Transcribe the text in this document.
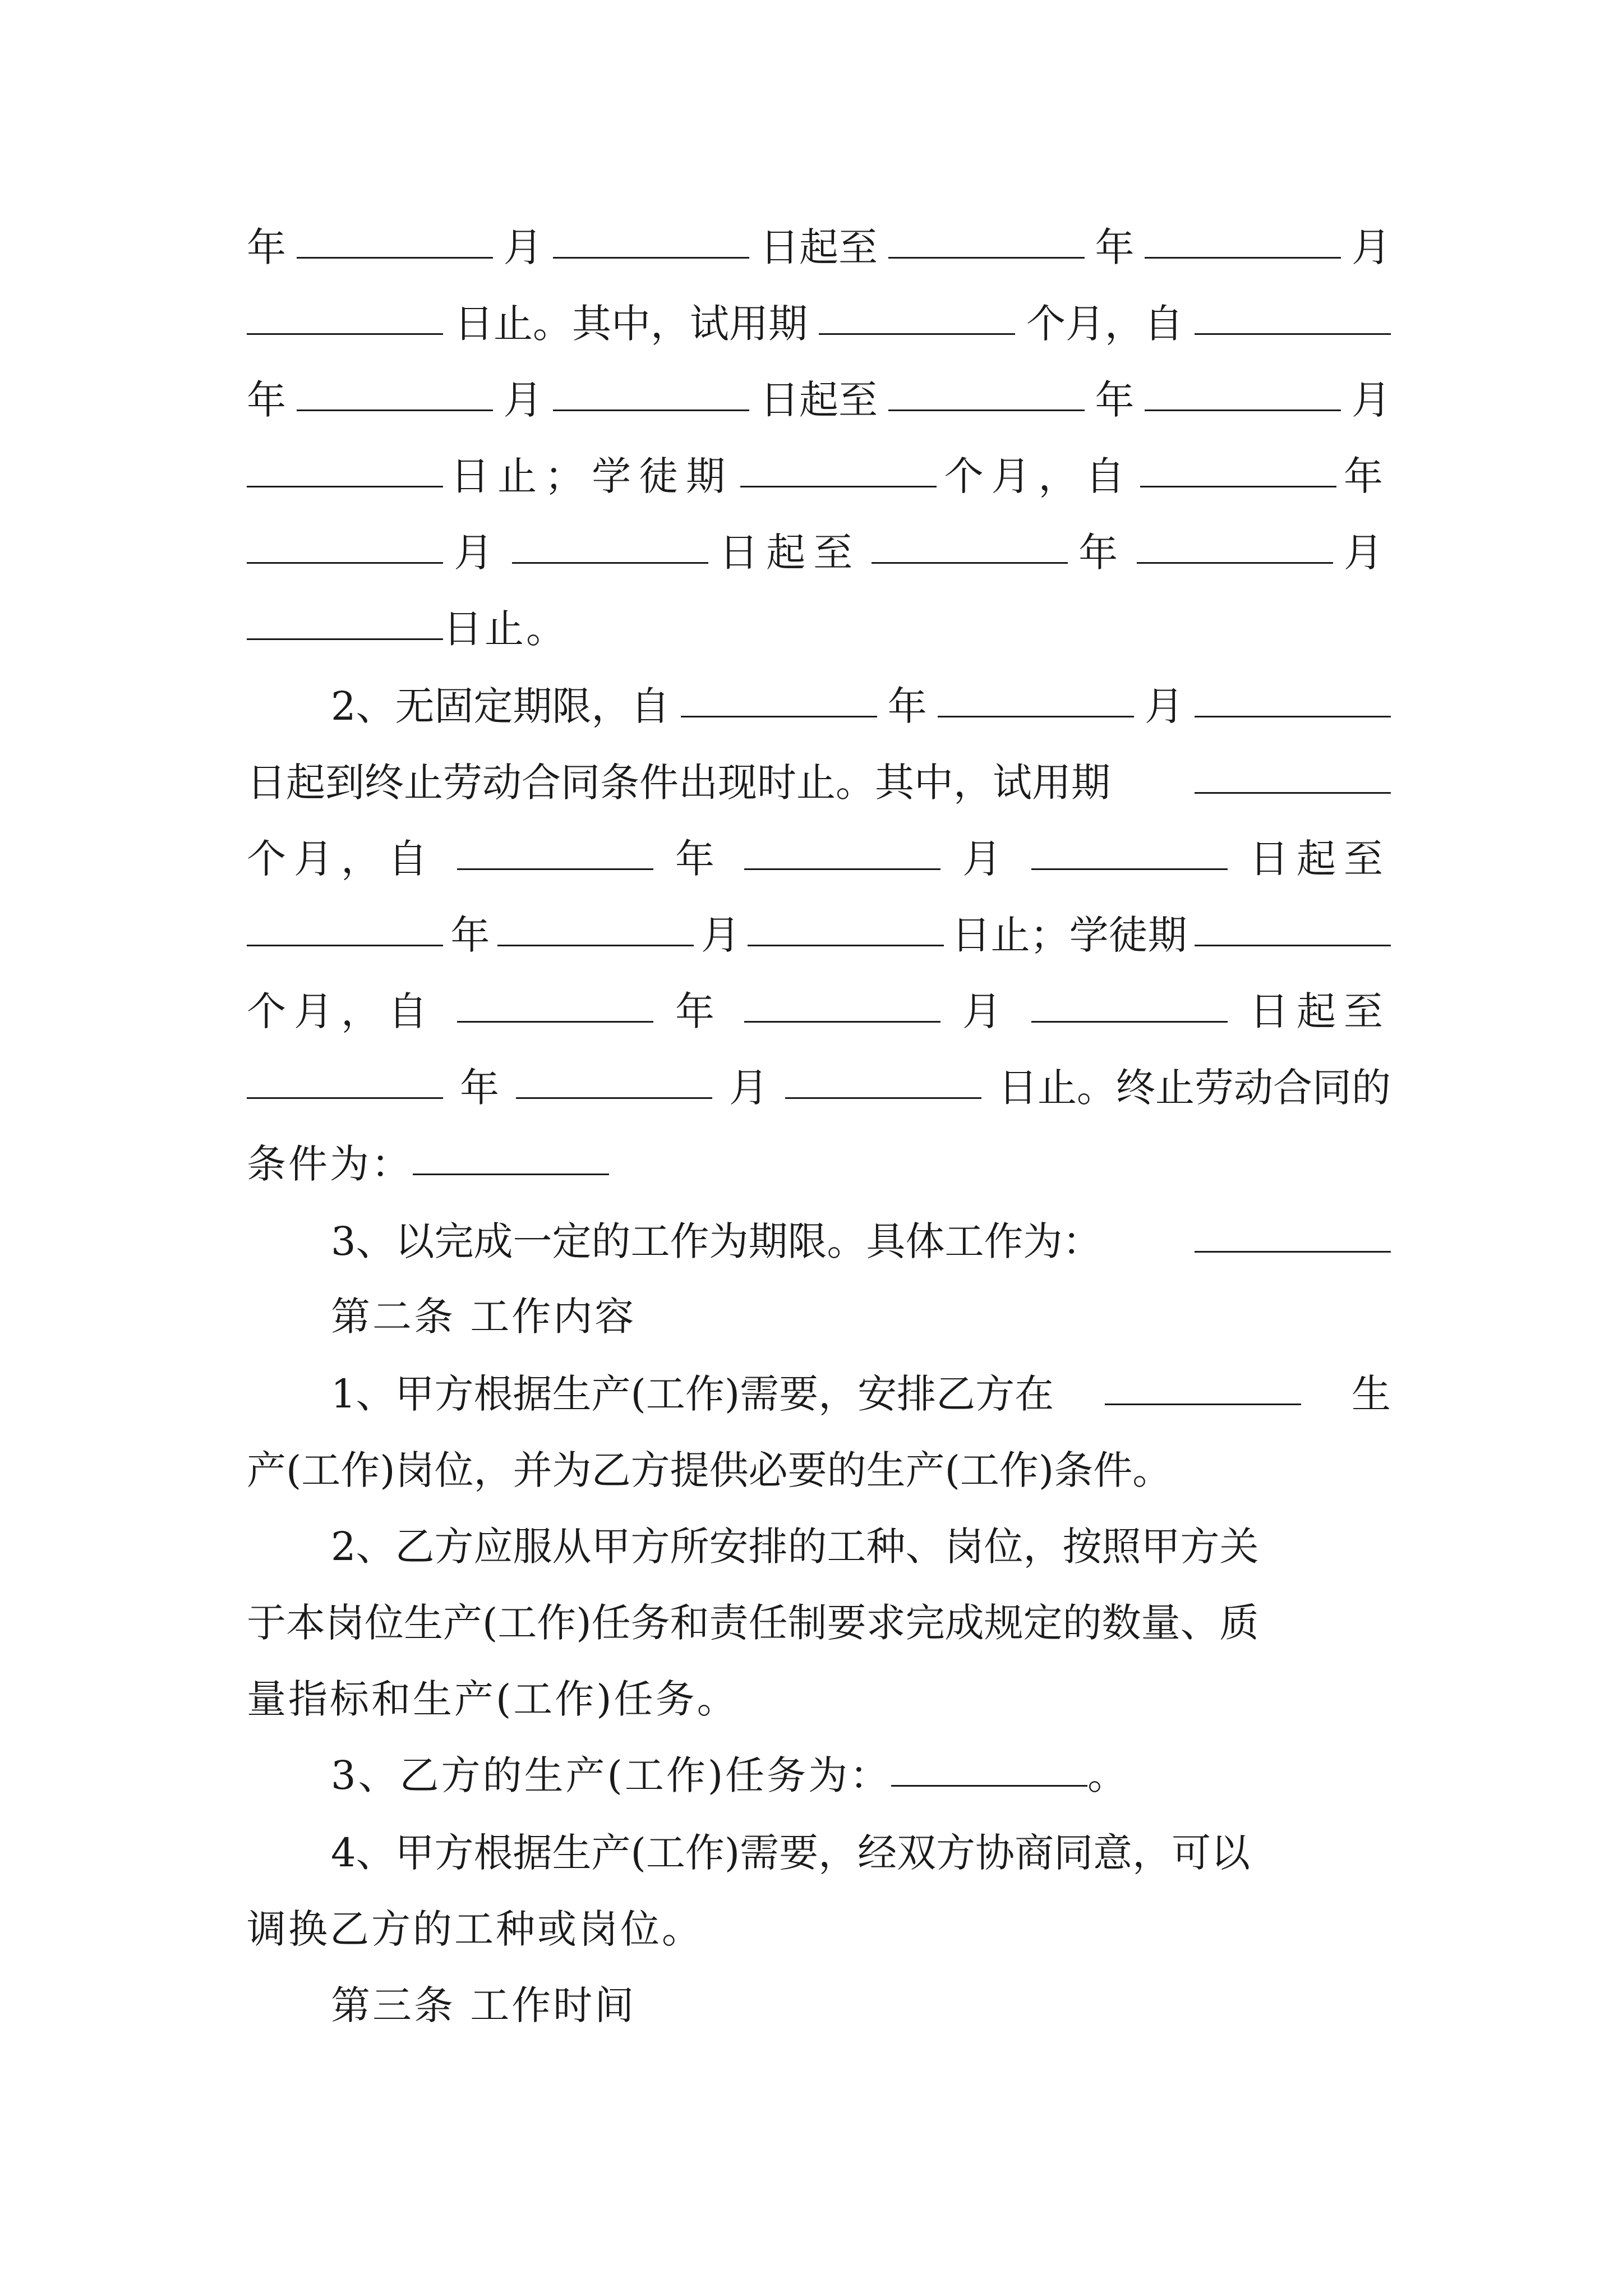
年	月	日起至	年	月
日止。其中，试用期	个月，自
年	月	日起至	年	月
日止；学徒期	个月，自	年
月	日起至	年	月
日止。
2、无固定期限，自	年	月
日起到终止劳动合同条件出现时止。其中，试用期
个月，自	年	月	日起至
年	月	日止；学徒期
个月，自	年	月	日起至
年	月	日止。终止劳动合同的
条件为：
3、以完成一定的工作为期限。具体工作为：
第二条 工作内容
1、甲方根据生产(工作)需要，安排乙方在	生
产(工作)岗位，并为乙方提供必要的生产(工作)条件。
2、乙方应服从甲方所安排的工种、岗位，按照甲方关
于本岗位生产(工作)任务和责任制要求完成规定的数量、质
量指标和生产(工作)任务。
3、乙方的生产(工作)任务为：	。
4、甲方根据生产(工作)需要，经双方协商同意，可以
调换乙方的工种或岗位。
第三条 工作时间
